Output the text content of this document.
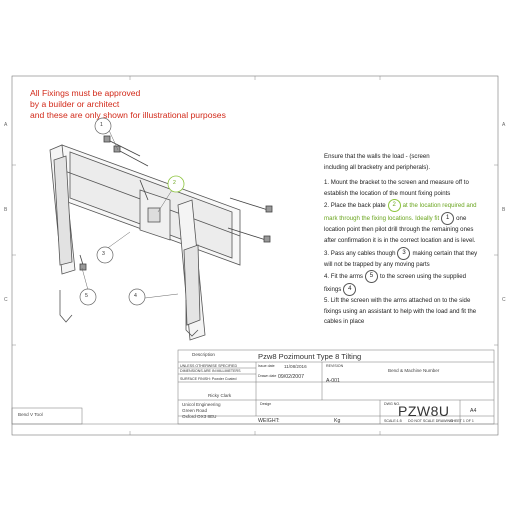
A
B
C
A
B
C
1
2
3
4
5
All Fixings must be approved
by a builder or architect
and these are only shown for illustrational purposes
Ensure that the walls the load - (screen
including all bracketry and peripherals).
1. Mount the bracket to the screen and measure off to
establish the location of the mount fixing points
2. Place the back plate 2 at the location required and
mark through the fixing locations. Ideally fit 1 one
location point then pilot drill through the remaining ones
after confirmation it is in the correct location and is level.
3. Pass any cables though 3 making certain that they
will not be trapped by any moving parts
4. Fit the arms 5 to the screen using the supplied
fixings 4
5. Lift the screen with the arms attached on to the side
fixings using an assistant to help with the load and fit the
cables in place
Description	Pzw8 Pozimount Type 8 Tilting
UNLESS OTHERWISE SPECIFIED
DIMENSIONS ARE IN MILLIMETERS
SURFACE FINISH: Powder Coated
Issue date 11/08/2016
Drawn date 09/02/2007
REVISION
A-001
Bend & Machine Number
Ricky Clark
Bend V Tool
Unicol Engineering
Green Road
Oxford OX3 8EU
Design	DWG NO.
PZW8U	A4
WEIGHT:	Kg	SCALE:1:5 DO NOT SCALE DRAWING
SHEET 1 OF 1
